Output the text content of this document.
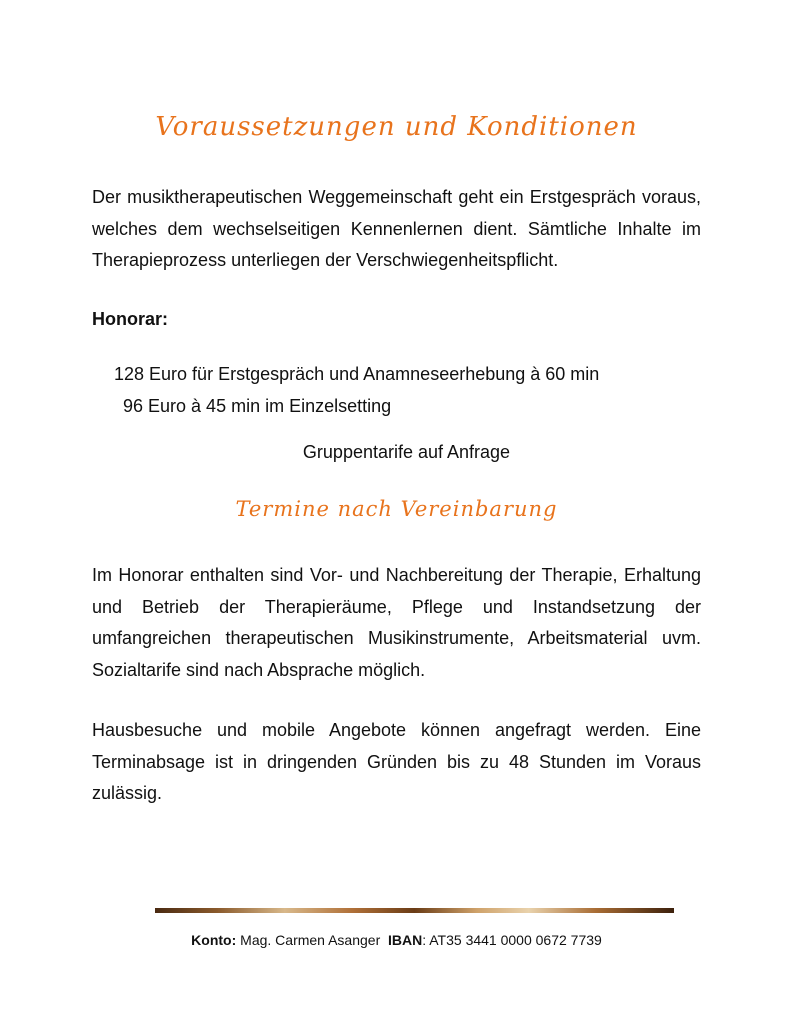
Voraussetzungen und Konditionen

Der musiktherapeutischen Weggemeinschaft geht ein Erstgespräch voraus, welches dem wechselseitigen Kennenlernen dient. Sämtliche Inhalte im Therapieprozess unterliegen der Verschwiegenheitspflicht.

Honorar:

128 Euro für Erstgespräch und Anamneseerhebung à 60 min

96 Euro à 45 min im Einzelsetting

Gruppentarife auf Anfrage

Termine nach Vereinbarung

Im Honorar enthalten sind Vor- und Nachbereitung der Therapie, Erhaltung und Betrieb der Therapieräume, Pflege und Instandsetzung der umfangreichen therapeutischen Musikinstrumente, Arbeitsmaterial uvm. Sozialtarife sind nach Absprache möglich.

Hausbesuche und mobile Angebote können angefragt werden. Eine Terminabsage ist in dringenden Gründen bis zu 48 Stunden im Voraus zulässig.

Konto: Mag. Carmen Asanger IBAN: AT35 3441 0000 0672 7739
